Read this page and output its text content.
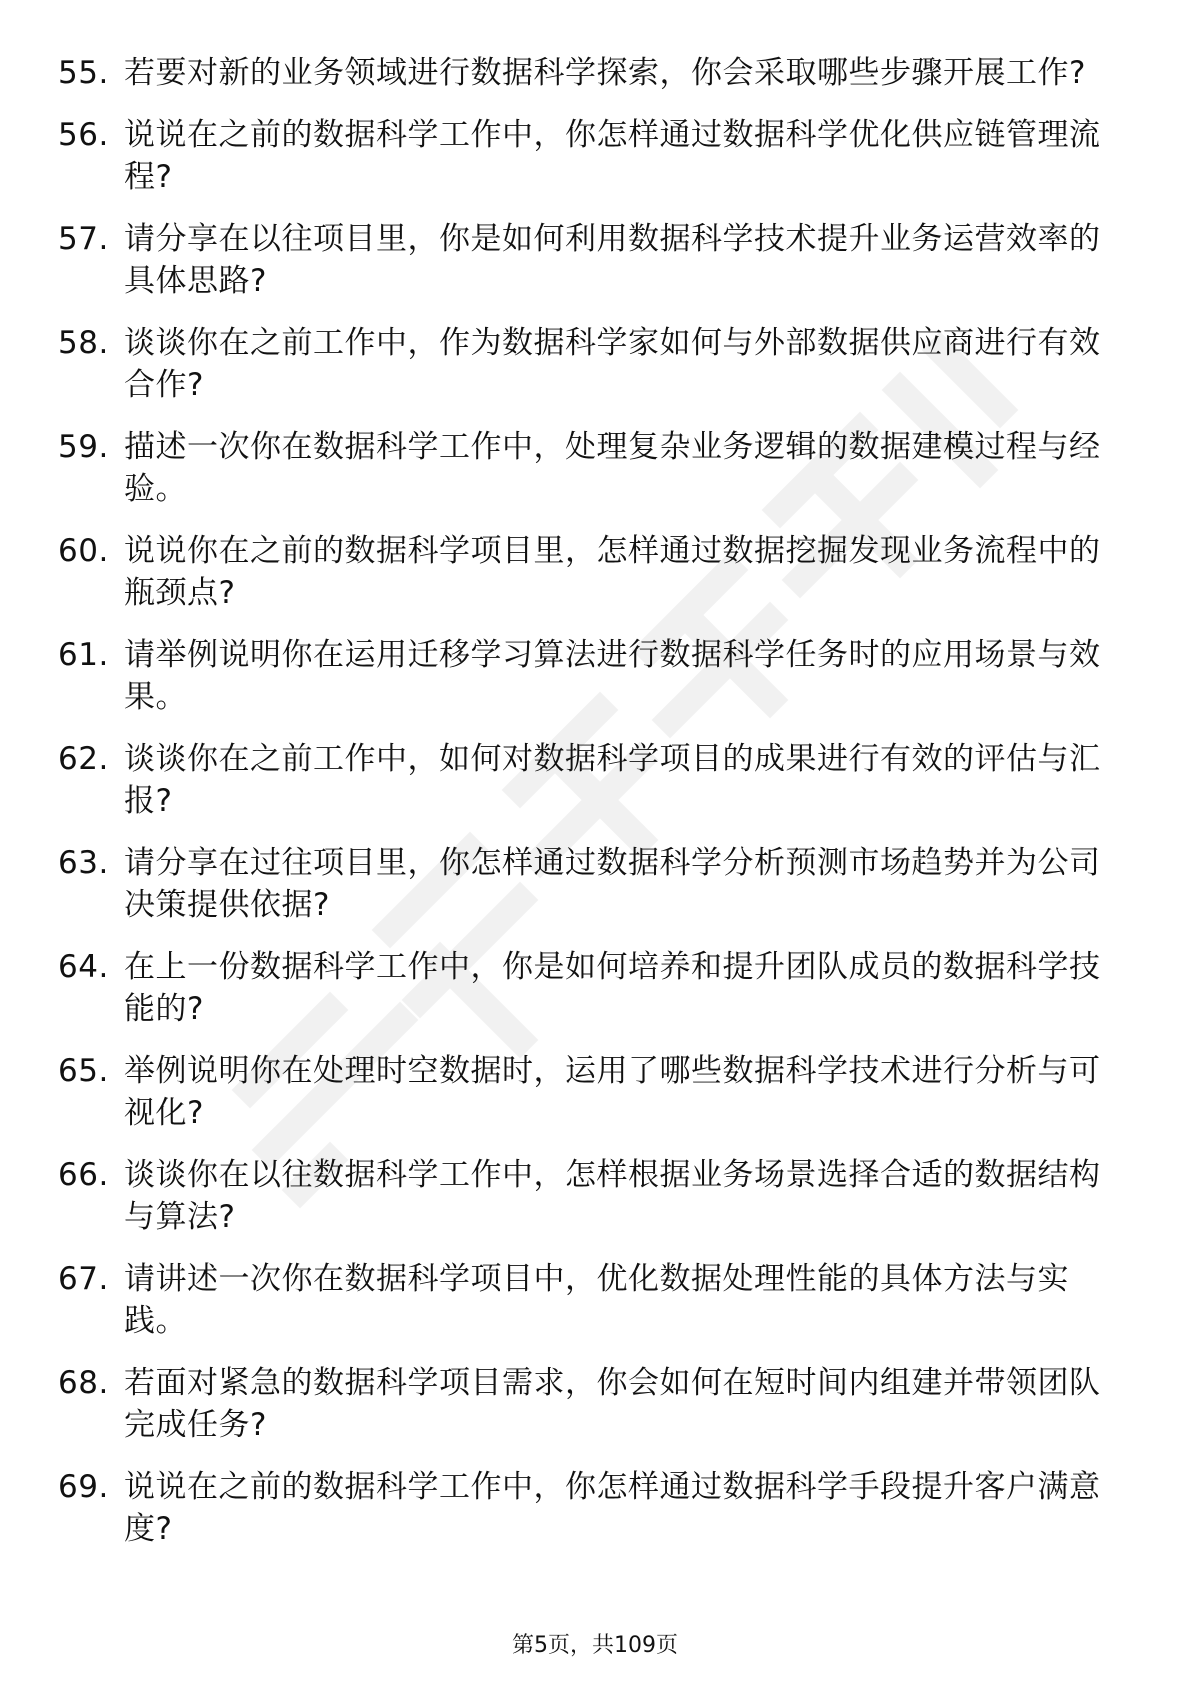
55. 若要对新的业务领域进行数据科学探索，你会采取哪些步骤开展工作?
56. 说说在之前的数据科学工作中，你怎样通过数据科学优化供应链管理流程?
57. 请分享在以往项目里，你是如何利用数据科学技术提升业务运营效率的具体思路?
58. 谈谈你在之前工作中，作为数据科学家如何与外部数据供应商进行有效合作?
59. 描述一次你在数据科学工作中，处理复杂业务逻辑的数据建模过程与经验。
60. 说说你在之前的数据科学项目里，怎样通过数据挖掘发现业务流程中的瓶颈点?
61. 请举例说明你在运用迁移学习算法进行数据科学任务时的应用场景与效果。
62. 谈谈你在之前工作中，如何对数据科学项目的成果进行有效的评估与汇报?
63. 请分享在过往项目里，你怎样通过数据科学分析预测市场趋势并为公司决策提供依据?
64. 在上一份数据科学工作中，你是如何培养和提升团队成员的数据科学技能的?
65. 举例说明你在处理时空数据时，运用了哪些数据科学技术进行分析与可视化?
66. 谈谈你在以往数据科学工作中，怎样根据业务场景选择合适的数据结构与算法?
67. 请讲述一次你在数据科学项目中，优化数据处理性能的具体方法与实践。
68. 若面对紧急的数据科学项目需求，你会如何在短时间内组建并带领团队完成任务?
69. 说说在之前的数据科学工作中，你怎样通过数据科学手段提升客户满意度?
第5页，共109页
